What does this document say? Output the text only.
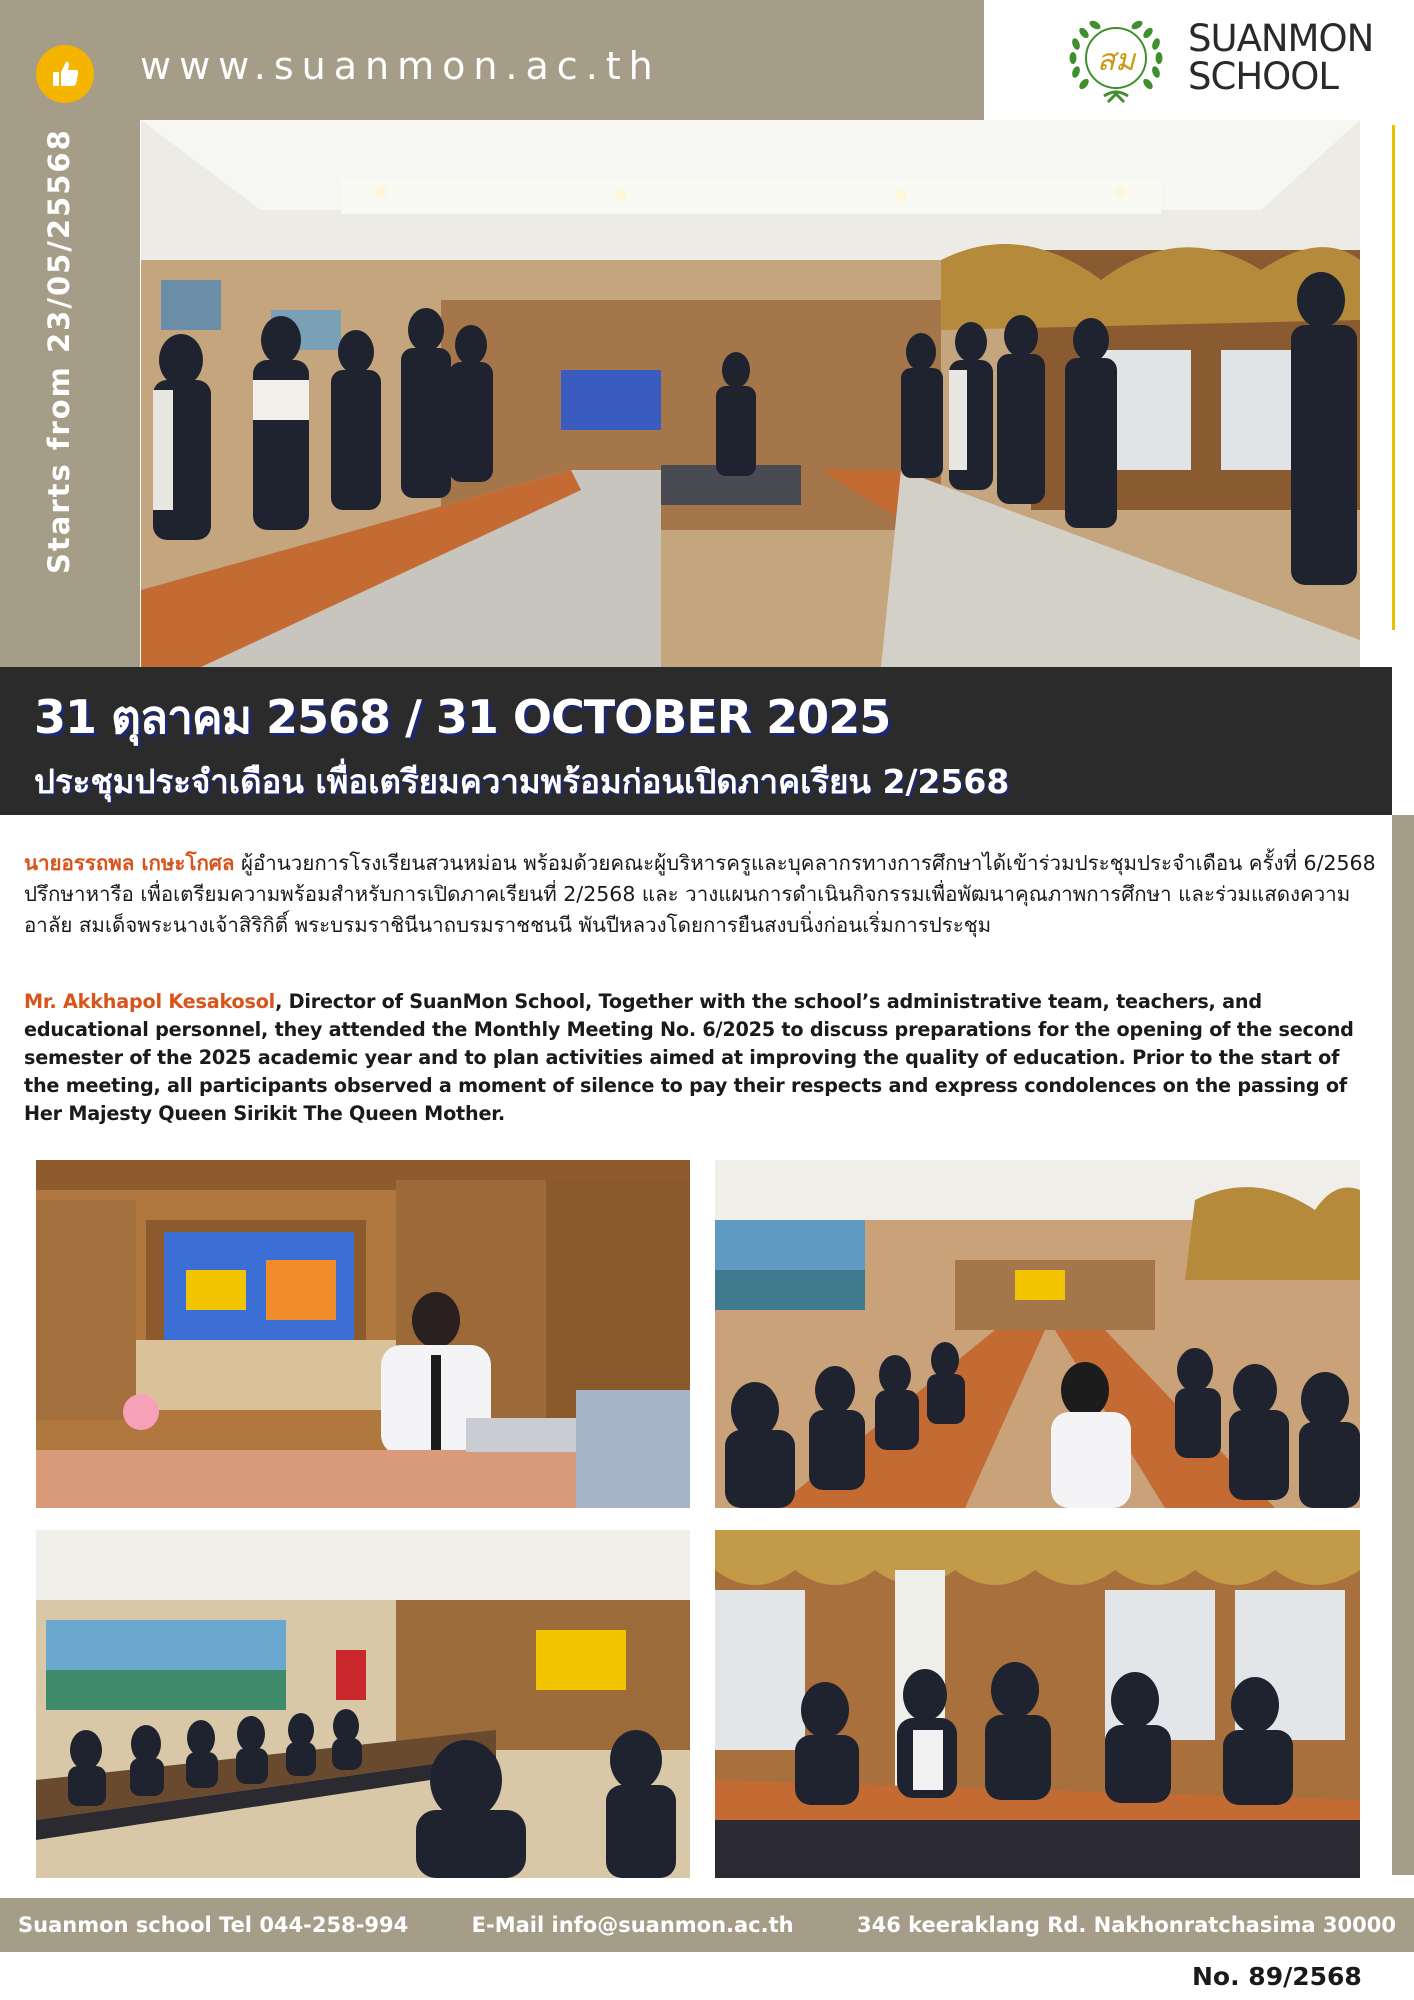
www.suanmon.ac.th	สม
SUANMON
SCHOOL
Starts from 23/05/25568
31 ตุลาคม 2568 / 31 OCTOBER 2025
ประชุมประจำเดือน เพื่อเตรียมความพร้อมก่อนเปิดภาคเรียน 2/2568
นายอรรถพล เกษะโกศล ผู้อำนวยการโรงเรียนสวนหม่อน พร้อมด้วยคณะผู้บริหารครูและบุคลากรทางการศึกษาได้เข้าร่วมประชุมประจำเดือน ครั้งที่ 6/2568 ปรึกษาหารือ เพื่อเตรียมความพร้อมสำหรับการเปิดภาคเรียนที่ 2/2568 และ วางแผนการดำเนินกิจกรรมเพื่อพัฒนาคุณภาพการศึกษา และร่วมแสดงความอาลัย สมเด็จพระนางเจ้าสิริกิติ์ พระบรมราชินีนาถบรมราชชนนี พันปีหลวงโดยการยืนสงบนิ่งก่อนเริ่มการประชุม
Mr. Akkhapol Kesakosol, Director of SuanMon School, Together with the school’s administrative team, teachers, and educational personnel, they attended the Monthly Meeting No. 6/2025 to discuss preparations for the opening of the second semester of the 2025 academic year and to plan activities aimed at improving the quality of education. Prior to the start of the meeting, all participants observed a moment of silence to pay their respects and express condolences on the passing of Her Majesty Queen Sirikit The Queen Mother.
Suanmon school Tel 044-258-994	E-Mail info@suanmon.ac.th	346 keeraklang Rd. Nakhonratchasima 30000
No. 89/2568
